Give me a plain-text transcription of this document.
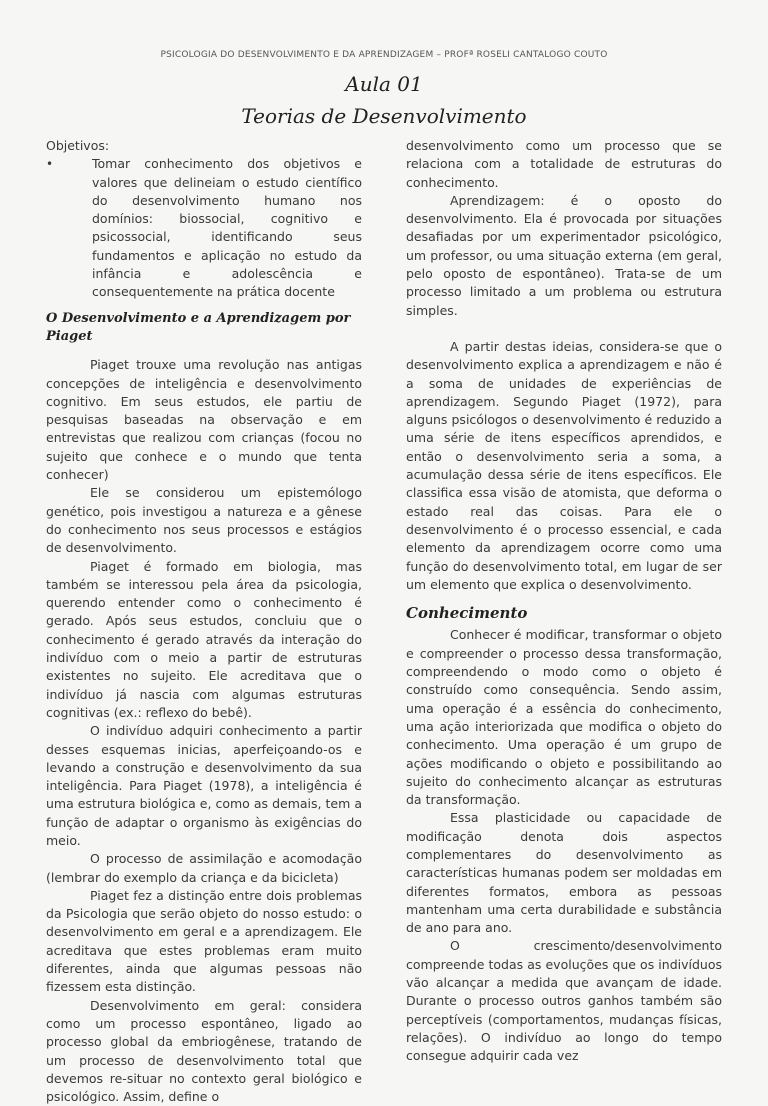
PSICOLOGIA DO DESENVOLVIMENTO E DA APRENDIZAGEM – PROFª ROSELI CANTALOGO COUTO
Aula 01
Teorias de Desenvolvimento

Objetivos:

•	Tomar conhecimento dos objetivos e valores que delineiam o estudo científico do desenvolvimento humano nos domínios: biossocial, cognitivo e psicossocial, identificando seus fundamentos e aplicação no estudo da infância e adolescência e consequentemente na prática docente
O Desenvolvimento e a Aprendizagem por Piaget

Piaget trouxe uma revolução nas antigas concepções de inteligência e desenvolvimento cognitivo. Em seus estudos, ele partiu de pesquisas baseadas na observação e em entrevistas que realizou com crianças (focou no sujeito que conhece e o mundo que tenta conhecer)

Ele se considerou um epistemólogo genético, pois investigou a natureza e a gênese do conhecimento nos seus processos e estágios de desenvolvimento.

Piaget é formado em biologia, mas também se interessou pela área da psicologia, querendo entender como o conhecimento é gerado. Após seus estudos, concluiu que o conhecimento é gerado através da interação do indivíduo com o meio a partir de estruturas existentes no sujeito. Ele acreditava que o indivíduo já nascia com algumas estruturas cognitivas (ex.: reflexo do bebê).

O indivíduo adquiri conhecimento a partir desses esquemas inicias, aperfeiçoando-os e levando a construção e desenvolvimento da sua inteligência. Para Piaget (1978), a inteligência é uma estrutura biológica e, como as demais, tem a função de adaptar o organismo às exigências do meio.

O processo de assimilação e acomodação (lembrar do exemplo da criança e da bicicleta)

Piaget fez a distinção entre dois problemas da Psicologia que serão objeto do nosso estudo: o desenvolvimento em geral e a aprendizagem. Ele acreditava que estes problemas eram muito diferentes, ainda que algumas pessoas não fizessem esta distinção.

Desenvolvimento em geral: considera como um processo espontâneo, ligado ao processo global da embriogênese, tratando de um processo de desenvolvimento total que devemos re-situar no contexto geral biológico e psicológico. Assim, define o

desenvolvimento como um processo que se relaciona com a totalidade de estruturas do conhecimento.

Aprendizagem: é o oposto do desenvolvimento. Ela é provocada por situações desafiadas por um experimentador psicológico, um professor, ou uma situação externa (em geral, pelo oposto de espontâneo). Trata-se de um processo limitado a um problema ou estrutura simples.

A partir destas ideias, considera-se que o desenvolvimento explica a aprendizagem e não é a soma de unidades de experiências de aprendizagem. Segundo Piaget (1972), para alguns psicólogos o desenvolvimento é reduzido a uma série de itens específicos aprendidos, e então o desenvolvimento seria a soma, a acumulação dessa série de itens específicos. Ele classifica essa visão de atomista, que deforma o estado real das coisas. Para ele o desenvolvimento é o processo essencial, e cada elemento da aprendizagem ocorre como uma função do desenvolvimento total, em lugar de ser um elemento que explica o desenvolvimento.

Conhecimento

Conhecer é modificar, transformar o objeto e compreender o processo dessa transformação, compreendendo o modo como o objeto é construído como consequência. Sendo assim, uma operação é a essência do conhecimento, uma ação interiorizada que modifica o objeto do conhecimento. Uma operação é um grupo de ações modificando o objeto e possibilitando ao sujeito do conhecimento alcançar as estruturas da transformação.

Essa plasticidade ou capacidade de modificação denota dois aspectos complementares do desenvolvimento as características humanas podem ser moldadas em diferentes formatos, embora as pessoas mantenham uma certa durabilidade e substância de ano para ano.

O crescimento/desenvolvimento compreende todas as evoluções que os indivíduos vão alcançar a medida que avançam de idade. Durante o processo outros ganhos também são perceptíveis (comportamentos, mudanças físicas, relações). O indivíduo ao longo do tempo consegue adquirir cada vez
